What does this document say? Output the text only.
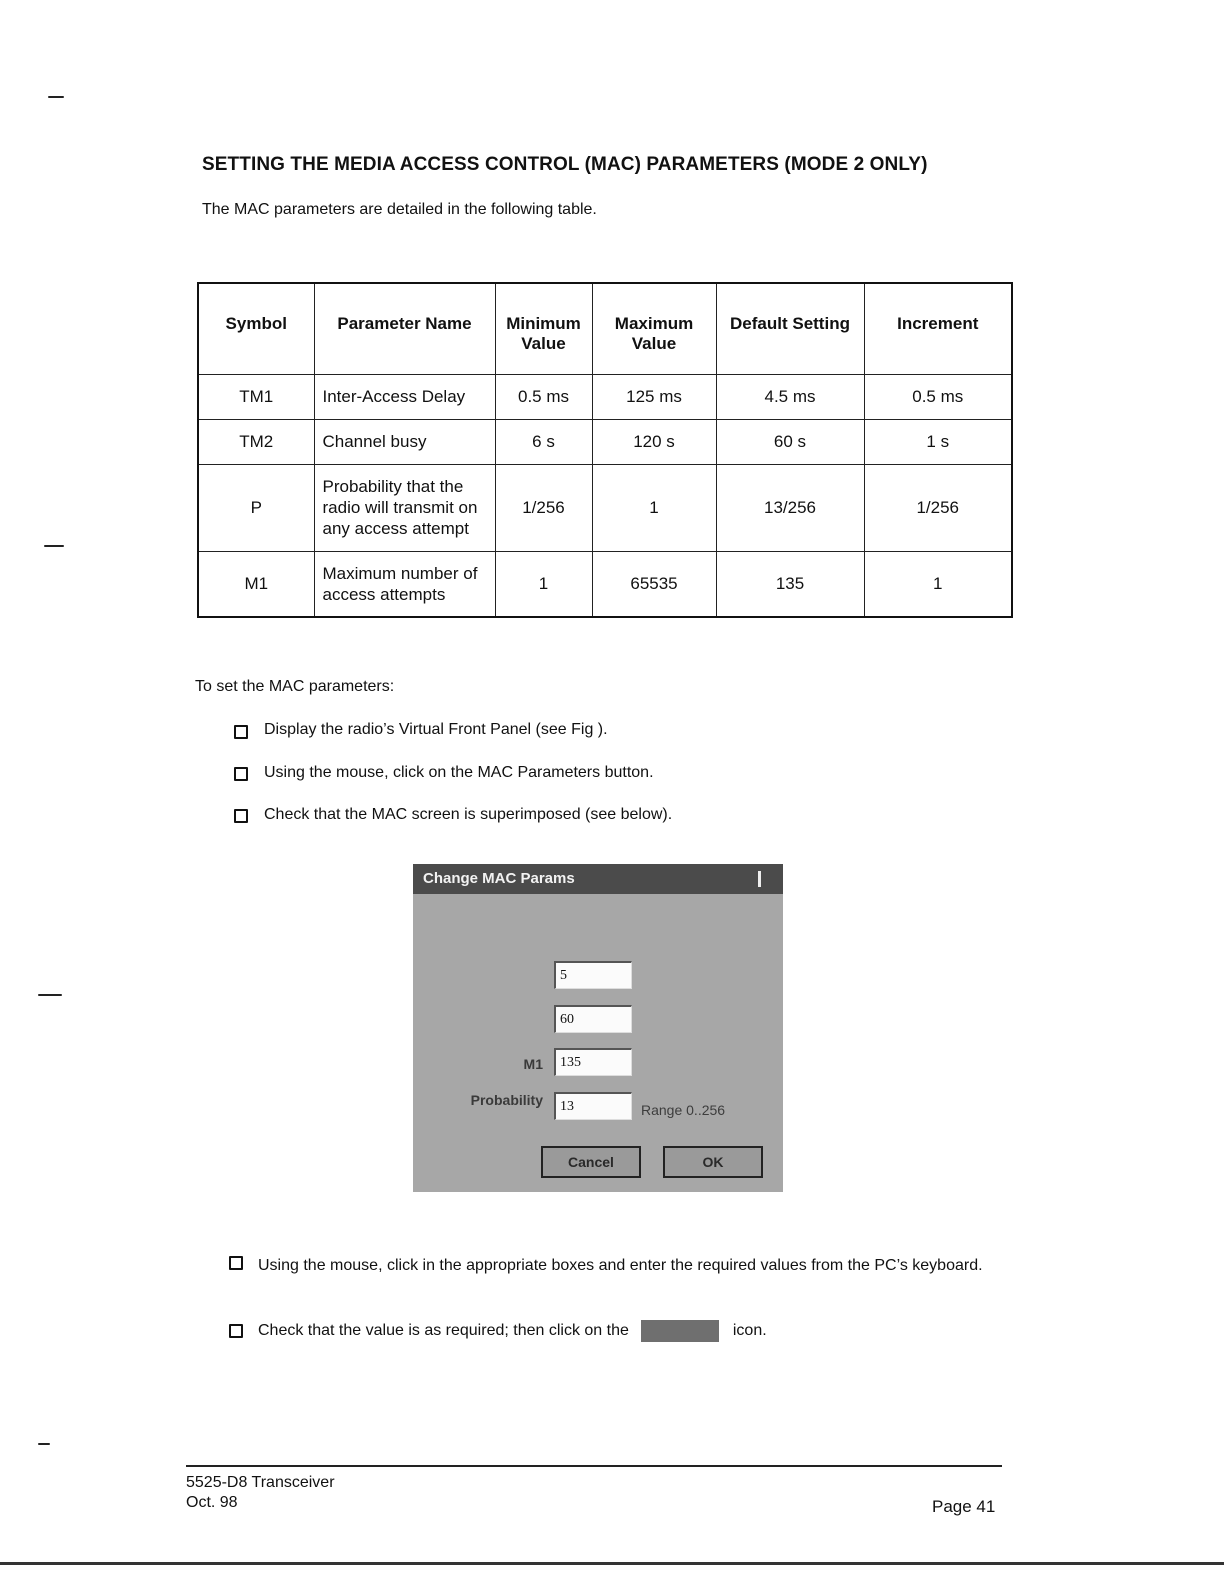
SETTING THE MEDIA ACCESS CONTROL (MAC) PARAMETERS (MODE 2 ONLY)
The MAC parameters are detailed in the following table.
Symbol	Parameter Name	Minimum Value	Maximum Value	Default Setting	Increment
TM1	Inter-Access Delay	0.5 ms	125 ms	4.5 ms	0.5 ms
TM2	Channel busy	6 s	120 s	60 s	1 s
P	Probability that the radio will transmit on any access attempt	1/256	1	13/256	1/256
M1	Maximum number of access attempts	1	65535	135	1
To set the MAC parameters:
Display the radio’s Virtual Front Panel (see Fig ).
Using the mouse, click on the MAC Parameters button.
Check that the MAC screen is superimposed (see below).
Change MAC Params
5
60
M1
135
Probability
13
Range 0..256
Cancel	OK
Using the mouse, click in the appropriate boxes and enter the required values from the PC’s keyboard.
Check that the value is as required; then click on the	icon.
5525-D8 Transceiver
Oct. 98	Page 41
